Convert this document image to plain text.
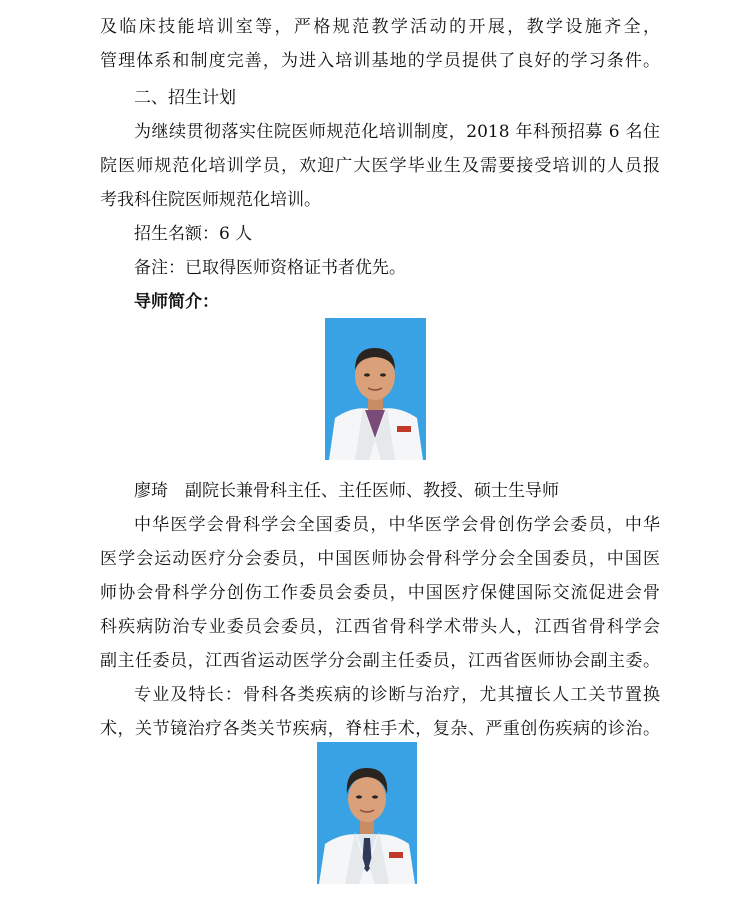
及临床技能培训室等，严格规范教学活动的开展，教学设施齐全，
管理体系和制度完善，为进入培训基地的学员提供了良好的学习条件。
二、招生计划
为继续贯彻落实住院医师规范化培训制度，2018 年科预招募 6 名住
院医师规范化培训学员，欢迎广大医学毕业生及需要接受培训的人员报
考我科住院医师规范化培训。
招生名额：6 人
备注：已取得医师资格证书者优先。
导师简介：
廖琦　副院长兼骨科主任、主任医师、教授、硕士生导师
中华医学会骨科学会全国委员，中华医学会骨创伤学会委员，中华
医学会运动医疗分会委员，中国医师协会骨科学分会全国委员，中国医
师协会骨科学分创伤工作委员会委员，中国医疗保健国际交流促进会骨
科疾病防治专业委员会委员，江西省骨科学术带头人，江西省骨科学会
副主任委员，江西省运动医学分会副主任委员，江西省医师协会副主委。
专业及特长：骨科各类疾病的诊断与治疗，尤其擅长人工关节置换
术，关节镜治疗各类关节疾病，脊柱手术，复杂、严重创伤疾病的诊治。
